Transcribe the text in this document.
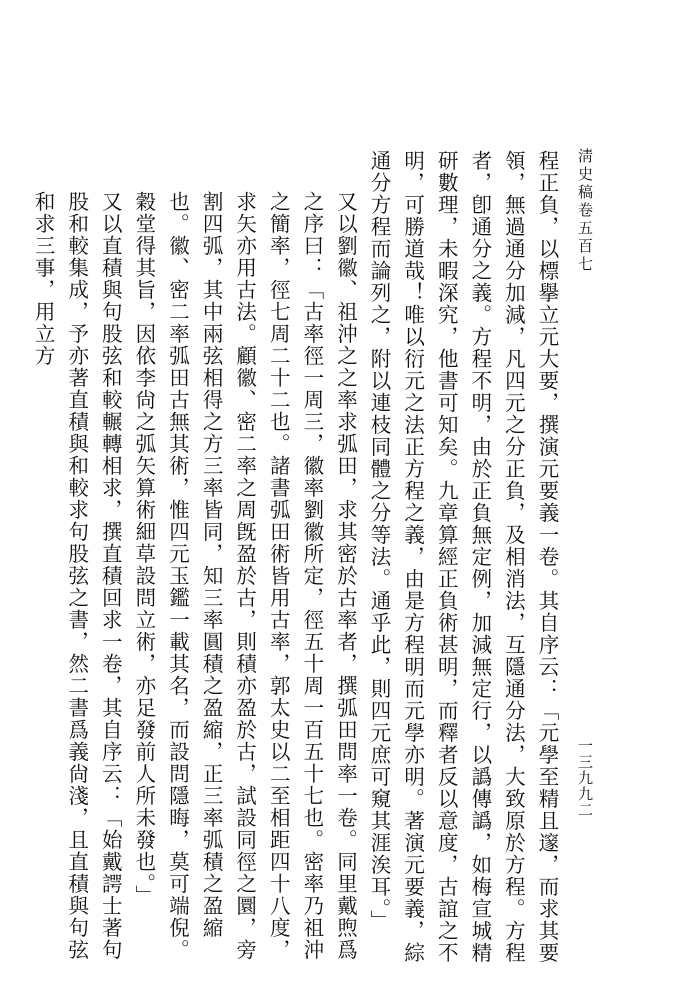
淸史稿卷五百七
一三九九二

程正負，以標擧立元大要，撰演元要義一卷。其自序云：「元學至精且邃，而求其要領，無過通分加減，凡四元之分正負，及相消法，互隱通分法，大致原於方程。方程者，卽通分之義。方程不明，由於正負無定例，加減無定行，以譌傳譌，如梅宣城精研數理，未暇深究，他書可知矣。九章算經正負術甚明，而釋者反以意度，古誼之不明，可勝道哉！唯以衍元之法正方程之義，由是方程明而元學亦明。著演元要義，綜通分方程而論列之，附以連枝同體之分等法。通乎此，則四元庶可窺其涯涘耳。」

又以劉徽、祖沖之之率求弧田，求其密於古率者，撰弧田問率一卷。同里戴煦爲之序曰：「古率徑一周三，徽率劉徽所定，徑五十周一百五十七也。密率乃祖沖之簡率，徑七周二十二也。諸書弧田術皆用古率，郭太史以二至相距四十八度，求矢亦用古法。顧徽、密二率之周旣盈於古，則積亦盈於古，試設同徑之圜，旁割四弧，其中兩弦相得之方三率皆同，知三率圓積之盈縮，正三率弧積之盈縮也。徽、密二率弧田古無其術，惟四元玉鑑一載其名，而設問隱晦，莫可端倪。穀堂得其旨，因依李尙之弧矢算術細草設問立術，亦足發前人所未發也。」

又以直積與句股弦和較輾轉相求，撰直積回求一卷，其自序云：「始戴諤士著句股和較集成，予亦著直積與和較求句股弦之書，然二書爲義尙淺，且直積與句弦和求三事，用立方
